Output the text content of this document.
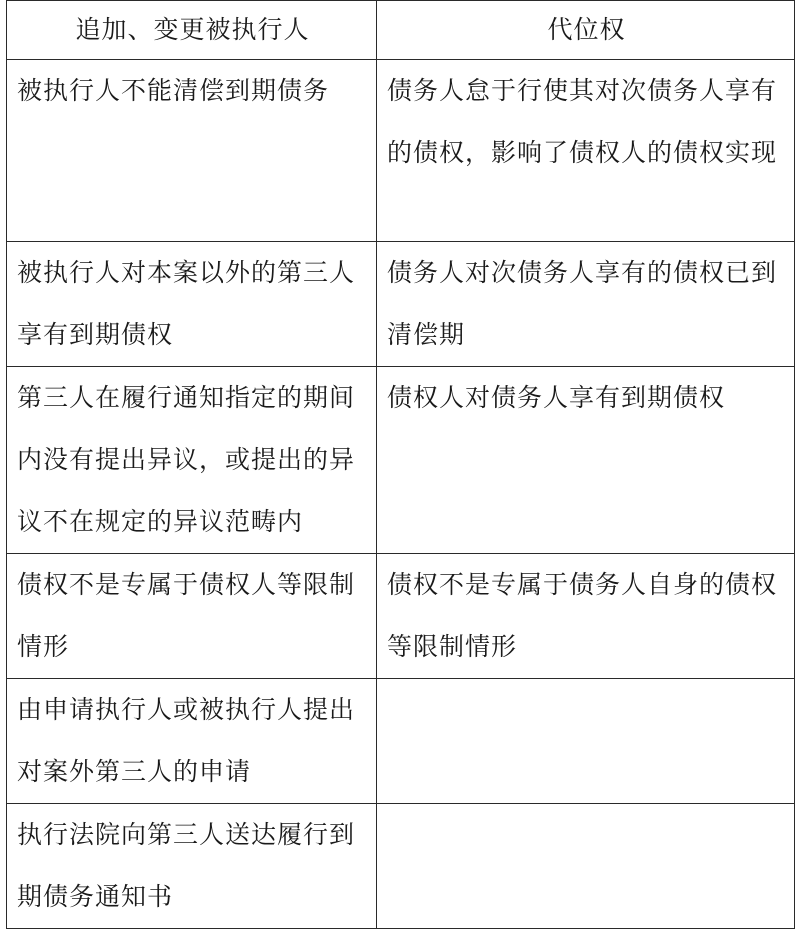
追加、变更被执行人	代位权

被执行人不能清偿到期债务	债务人怠于行使其对次债务人享有的债权，影响了债权人的债权实现

被执行人对本案以外的第三人享有到期债权	债务人对次债务人享有的债权已到清偿期

第三人在履行通知指定的期间内没有提出异议，或提出的异议不在规定的异议范畴内	债权人对债务人享有到期债权

债权不是专属于债权人等限制情形	债权不是专属于债务人自身的债权等限制情形

由申请执行人或被执行人提出对案外第三人的申请	

执行法院向第三人送达履行到期债务通知书	
